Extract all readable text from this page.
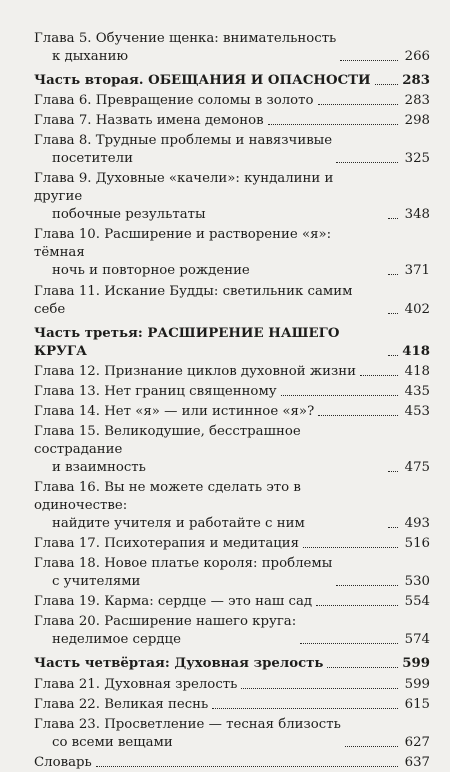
Глава 5. Обучение щенка: внимательность
к дыханию	266
Часть вторая. ОБЕЩАНИЯ И ОПАСНОСТИ 283
Глава 6. Превращение соломы в золото	283
Глава 7. Назвать имена демонов	298
Глава 8. Трудные проблемы и навязчивые
посетители	325
Глава 9. Духовные «качели»: кундалини и другие
побочные результаты	348
Глава 10. Расширение и растворение «я»: тёмная
ночь и повторное рождение	371
Глава 11. Искание Будды: светильник самим себе	402
Часть третья: РАСШИРЕНИЕ НАШЕГО КРУГА	418
Глава 12. Признание циклов духовной жизни	418
Глава 13. Нет границ священному	435
Глава 14. Нет «я» — или истинное «я»?	453
Глава 15. Великодушие, бесстрашное сострадание
и взаимность	475
Глава 16. Вы не можете сделать это в одиночестве:
найдите учителя и работайте с ним	493
Глава 17. Психотерапия и медитация	516
Глава 18. Новое платье короля: проблемы
с учителями	530
Глава 19. Карма: сердце — это наш сад	554
Глава 20. Расширение нашего круга:
неделимое сердце	574
Часть четвёртая: Духовная зрелость	599
Глава 21. Духовная зрелость	599
Глава 22. Великая песнь	615
Глава 23. Просветление — тесная близость
со всеми вещами	627
Словарь	637
